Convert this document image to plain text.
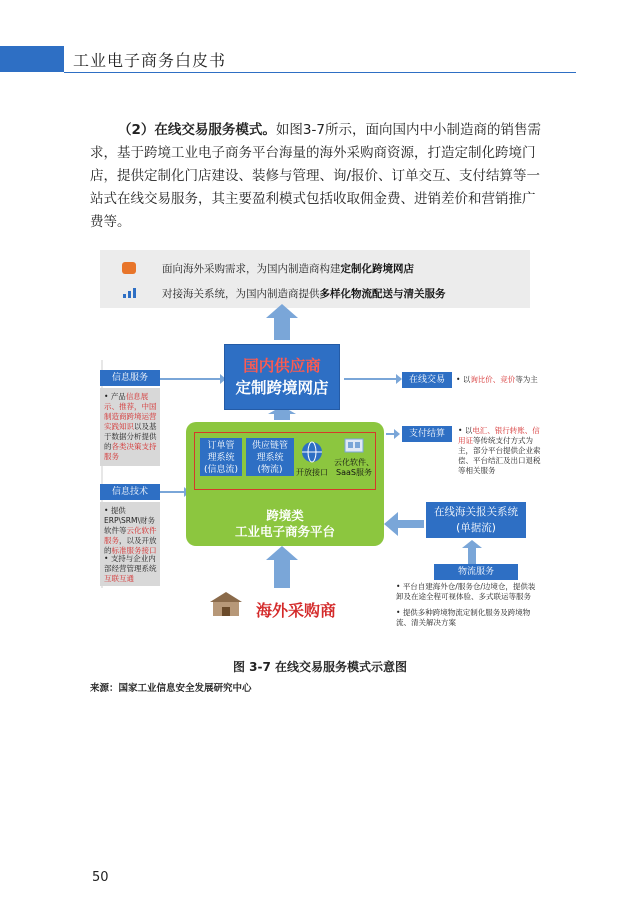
工业电子商务白皮书
（2）在线交易服务模式。如图3-7所示，面向国内中小制造商的销售需求，基于跨境工业电子商务平台海量的海外采购商资源，打造定制化跨境门店，提供定制化门店建设、装修与管理、询/报价、订单交互、支付结算等一站式在线交易服务，其主要盈利模式包括收取佣金费、进销差价和营销推广费等。
面向海外采购需求，为国内制造商构建定制化跨境网店
对接海关系统，为国内制造商提供多样化物流配送与清关服务
国内供应商
定制跨境网店
跨境类
工业电子商务平台
订单管
理系统
(信息流)
供应链管
理系统
(物流)	开放接口
云化软件、
SaaS服务
信息服务
• 产品信息展示、推荐，中国制造商跨境运营实践知识以及基于数据分析提供的各类决策支持服务
信息技术
• 提供ERP\SRM\财务软件等云化软件服务，以及开放的标准服务接口
• 支持与企业内部经营管理系统互联互通
在线交易	• 以询比价、竞价等为主
支付结算	• 以电汇、银行转账、信用证等传统支付方式为主，部分平台提供企业索偿、平台结汇及出口退税等相关服务
在线海关报关系统
(单据流)
物流服务
• 平台自建海外仓/服务仓/边境仓，提供装卸及在途全程可视体验、多式联运等服务
• 提供多种跨境物流定制化服务及跨境物流、清关解决方案
海外采购商
图 3-7 在线交易服务模式示意图
来源：国家工业信息安全发展研究中心
50
